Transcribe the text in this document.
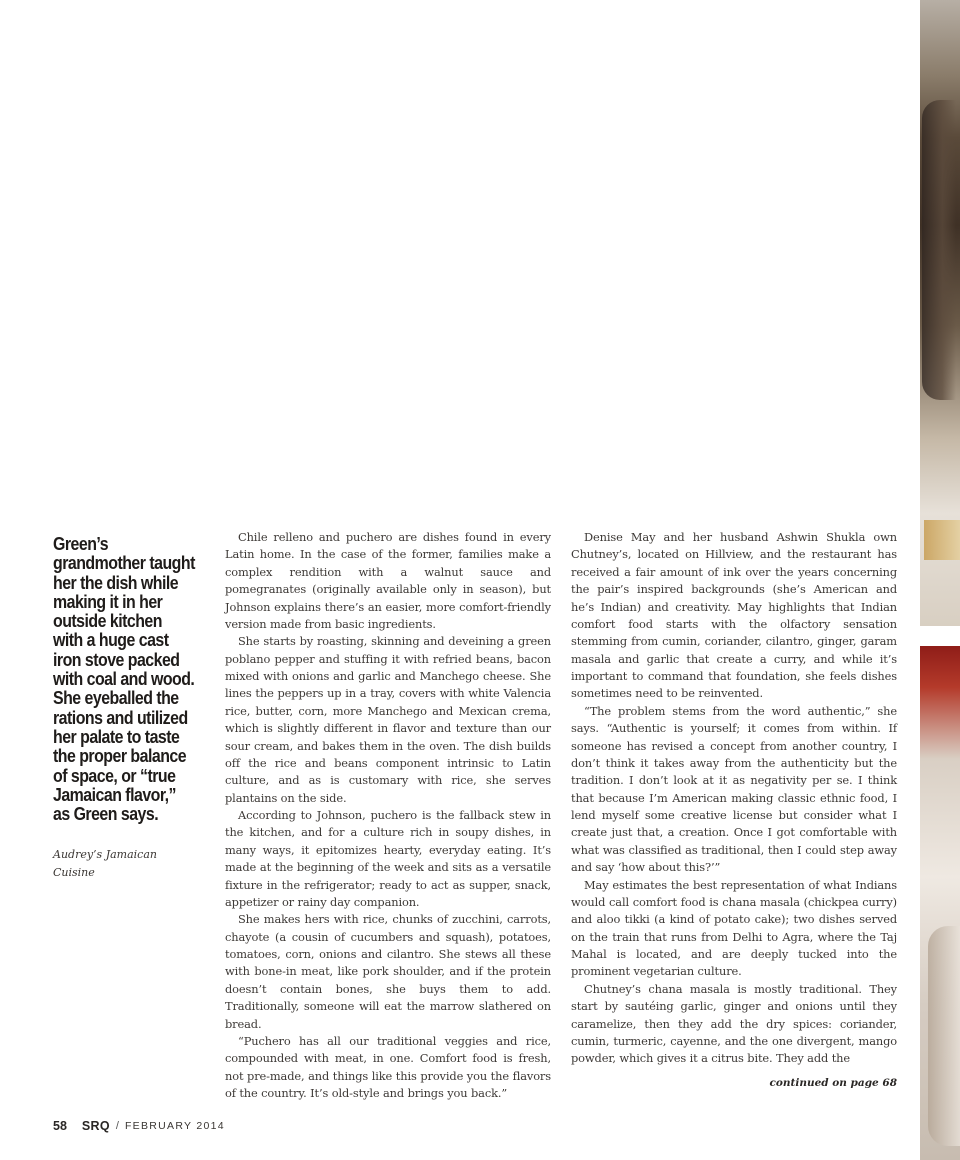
Green’s grandmother taught her the dish while making it in her outside kitchen with a huge cast iron stove packed with coal and wood. She eyeballed the rations and utilized her palate to taste the proper balance of space, or “true Jamaican flavor,” as Green says.

Audrey’s Jamaican Cuisine

Chile relleno and puchero are dishes found in every Latin home. In the case of the former, families make a complex rendition with a walnut sauce and pomegranates (originally available only in season), but Johnson explains there’s an easier, more comfort-friendly version made from basic ingredients.

She starts by roasting, skinning and deveining a green poblano pepper and stuffing it with refried beans, bacon mixed with onions and garlic and Manchego cheese. She lines the peppers up in a tray, covers with white Valencia rice, butter, corn, more Manchego and Mexican crema, which is slightly different in flavor and texture than our sour cream, and bakes them in the oven. The dish builds off the rice and beans component intrinsic to Latin culture, and as is customary with rice, she serves plantains on the side.

According to Johnson, puchero is the fallback stew in the kitchen, and for a culture rich in soupy dishes, in many ways, it epitomizes hearty, everyday eating. It’s made at the beginning of the week and sits as a versatile fixture in the refrigerator; ready to act as supper, snack, appetizer or rainy day companion.

She makes hers with rice, chunks of zucchini, carrots, chayote (a cousin of cucumbers and squash), potatoes, tomatoes, corn, onions and cilantro. She stews all these with bone-in meat, like pork shoulder, and if the protein doesn’t contain bones, she buys them to add. Traditionally, someone will eat the marrow slathered on bread.

“Puchero has all our traditional veggies and rice, compounded with meat, in one. Comfort food is fresh, not pre-made, and things like this provide you the flavors of the country. It’s old-style and brings you back.”

Denise May and her husband Ashwin Shukla own Chutney’s, located on Hillview, and the restaurant has received a fair amount of ink over the years concerning the pair’s inspired backgrounds (she’s American and he’s Indian) and creativity. May highlights that Indian comfort food starts with the olfactory sensation stemming from cumin, coriander, cilantro, ginger, garam masala and garlic that create a curry, and while it’s important to command that foundation, she feels dishes sometimes need to be reinvented.

“The problem stems from the word authentic,” she says. “Authentic is yourself; it comes from within. If someone has revised a concept from another country, I don’t think it takes away from the authenticity but the tradition. I don’t look at it as negativity per se. I think that because I’m American making classic ethnic food, I lend myself some creative license but consider what I create just that, a creation. Once I got comfortable with what was classified as traditional, then I could step away and say ‘how about this?’”

May estimates the best representation of what Indians would call comfort food is chana masala (chickpea curry) and aloo tikki (a kind of potato cake); two dishes served on the train that runs from Delhi to Agra, where the Taj Mahal is located, and are deeply tucked into the prominent vegetarian culture.

Chutney’s chana masala is mostly traditional. They start by sautéing garlic, ginger and onions until they caramelize, then they add the dry spices: coriander, cumin, turmeric, cayenne, and the one divergent, mango powder, which gives it a citrus bite. They add the

continued on page 68
58 SRQ / FEBRUARY 2014
